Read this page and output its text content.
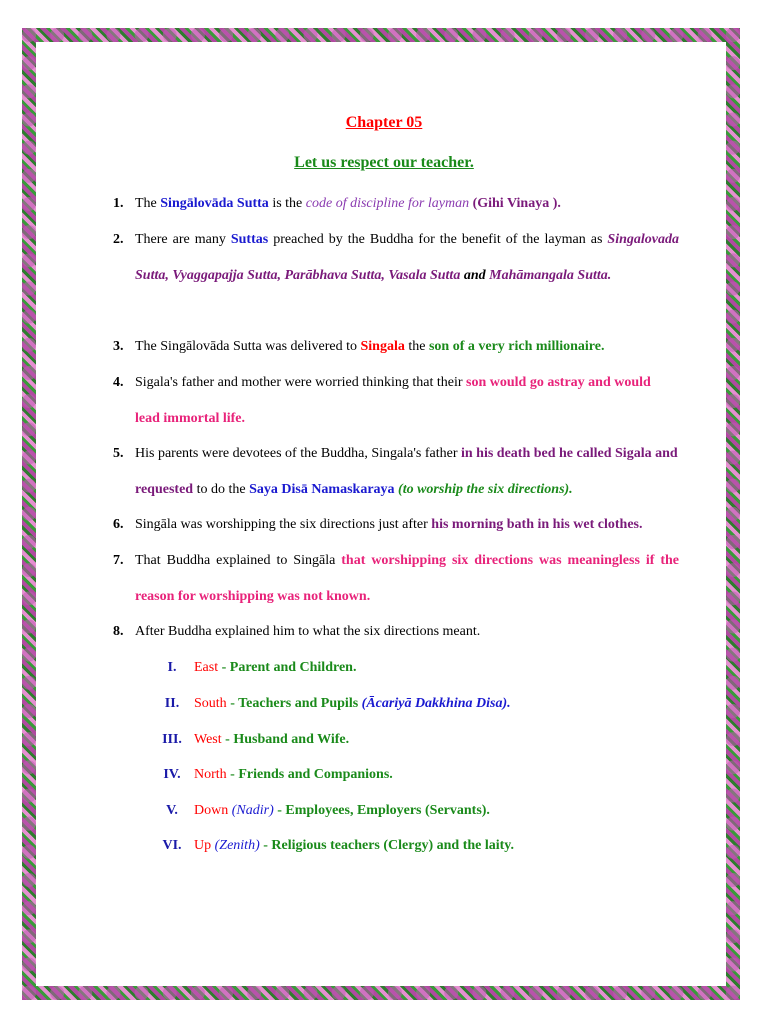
Chapter 05
Let us respect our teacher.
1. The Singālovāda Sutta is the code of discipline for layman (Gihi Vinaya ).
2. There are many Suttas preached by the Buddha for the benefit of the layman as Singalovada Sutta, Vyaggapajja Sutta, Parābhava Sutta, Vasala Sutta and Mahāmangala Sutta.
3. The Singālovāda Sutta was delivered to Singala the son of a very rich millionaire.
4. Sigala's father and mother were worried thinking that their son would go astray and would lead immortal life.
5. His parents were devotees of the Buddha, Singala's father in his death bed he called Sigala and requested to do the Saya Disā Namaskaraya (to worship the six directions).
6. Singāla was worshipping the six directions just after his morning bath in his wet clothes.
7. That Buddha explained to Singāla that worshipping six directions was meaningless if the reason for worshipping was not known.
8. After Buddha explained him to what the six directions meant.
I. East - Parent and Children.
II. South - Teachers and Pupils (Ācariyā Dakkhina Disa).
III. West - Husband and Wife.
IV. North - Friends and Companions.
V. Down (Nadir) - Employees, Employers (Servants).
VI. Up (Zenith) - Religious teachers (Clergy) and the laity.
